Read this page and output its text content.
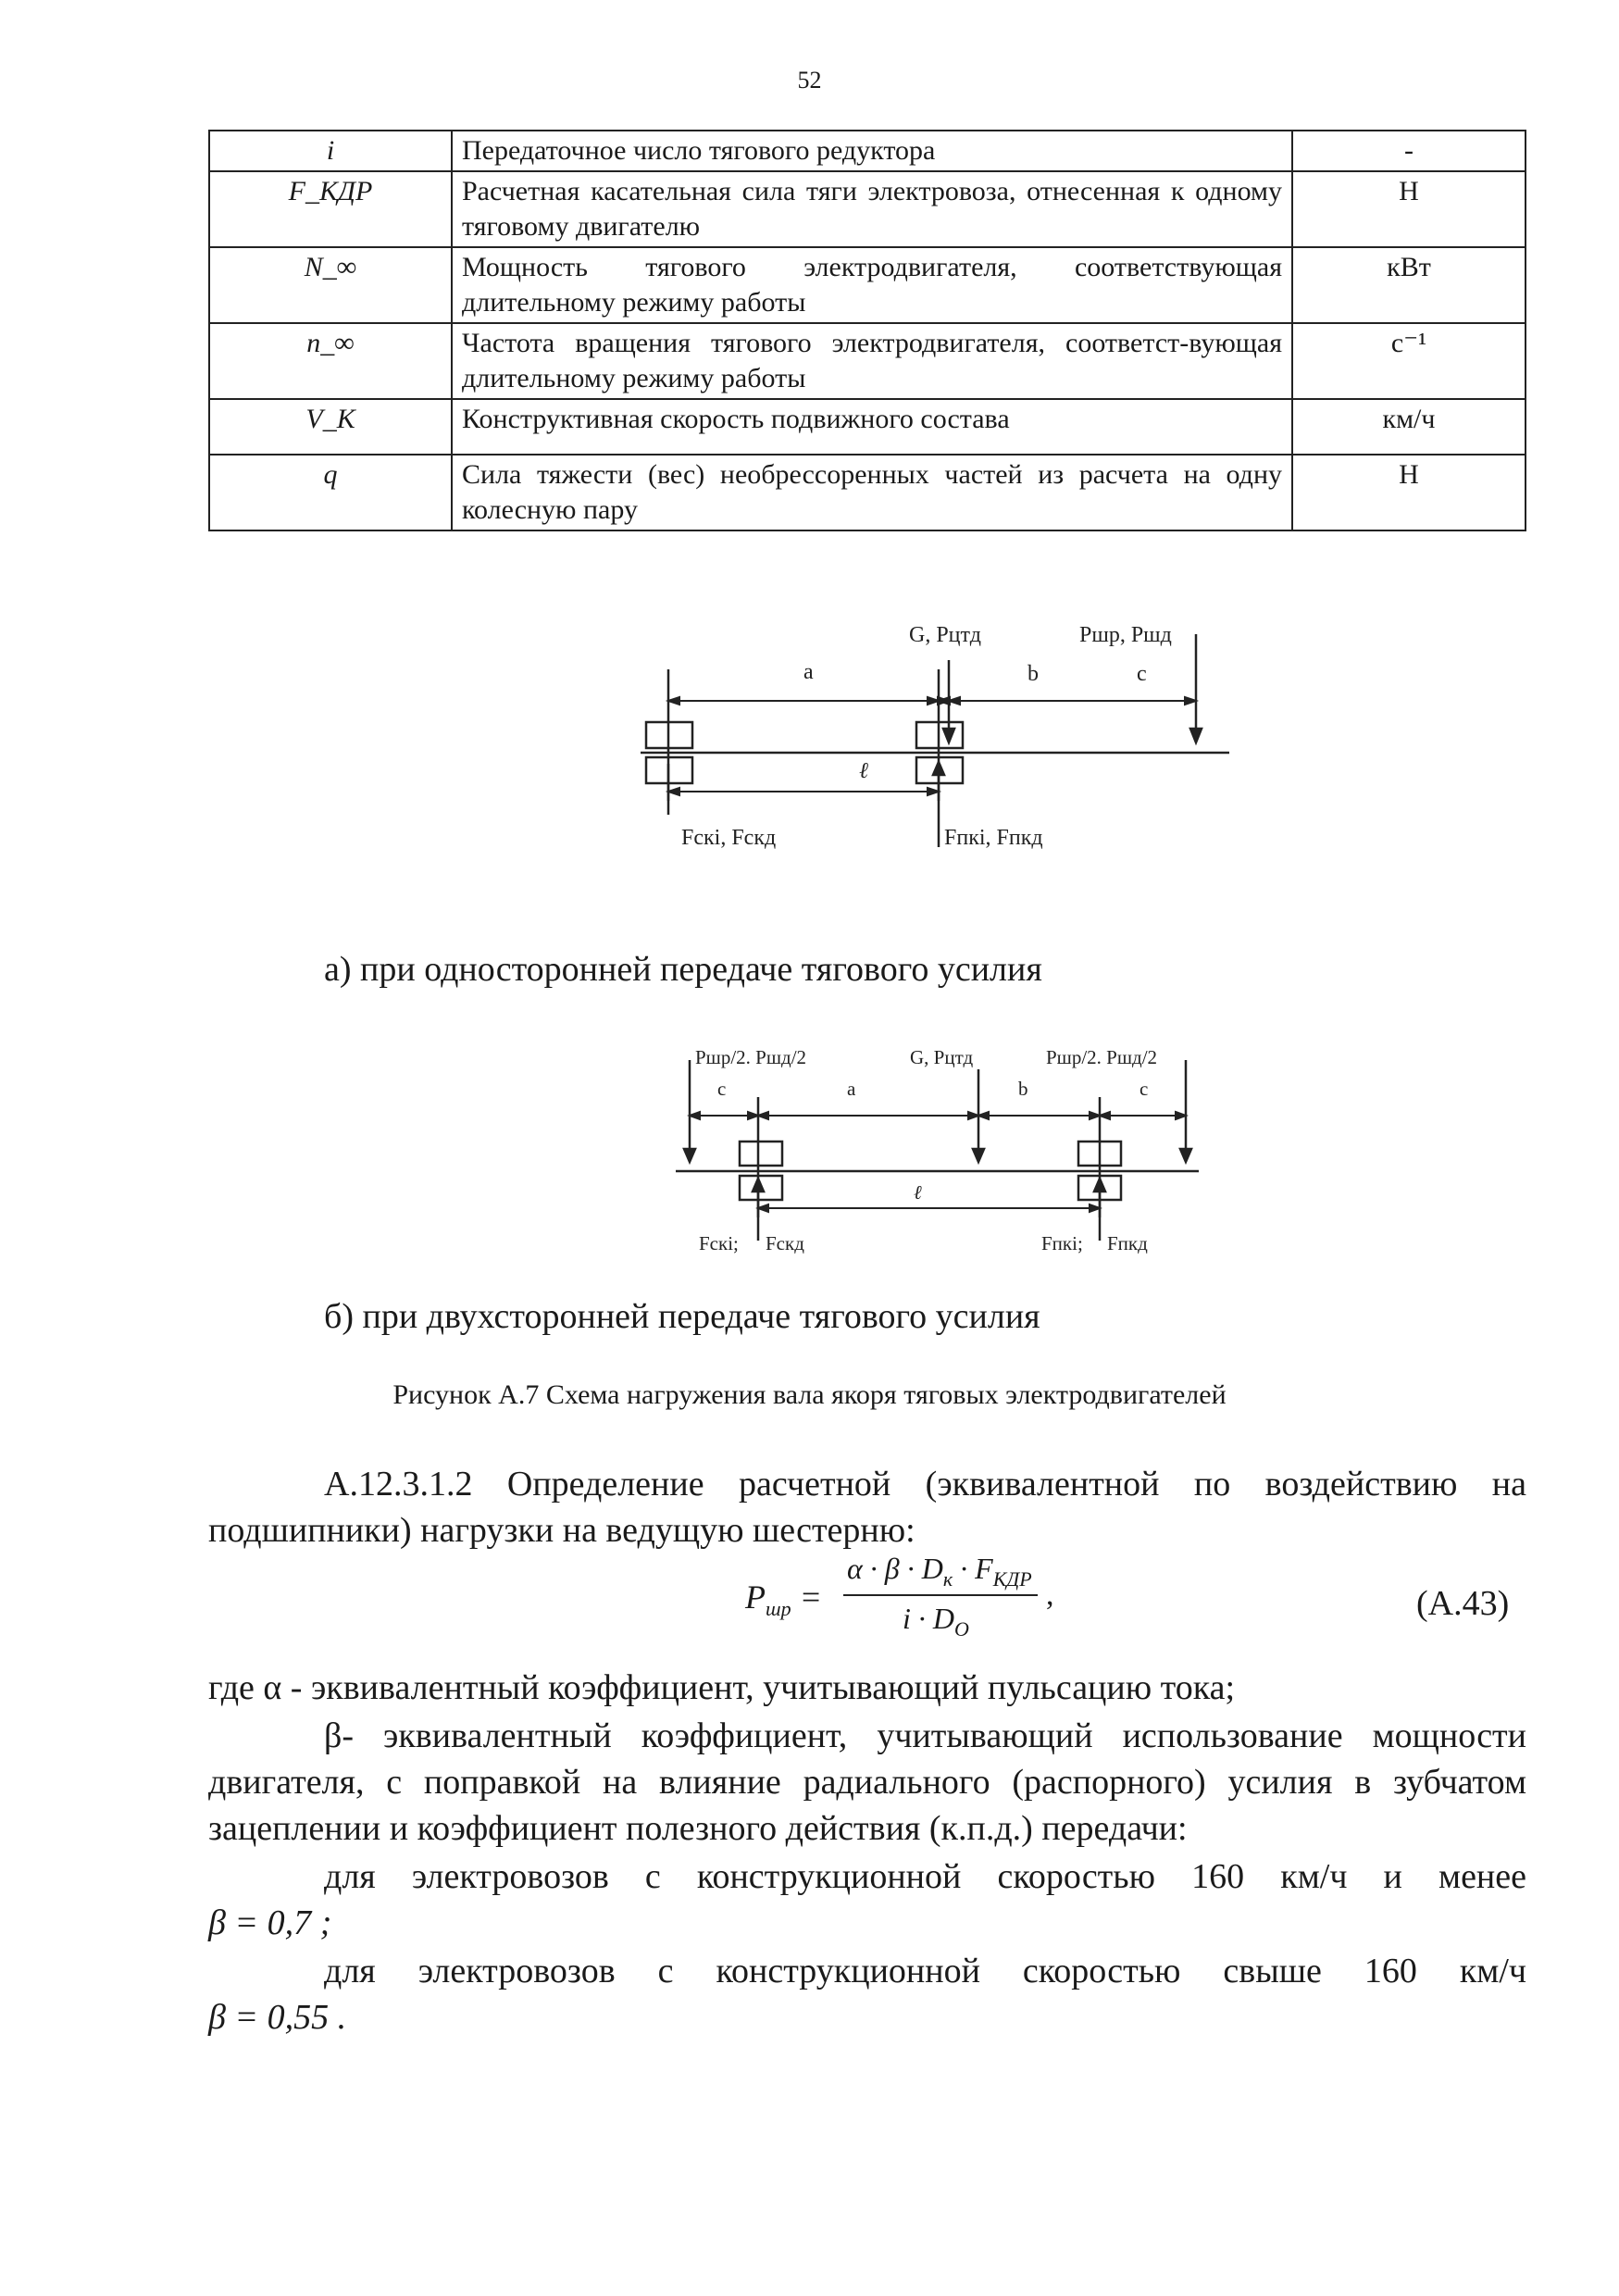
52
i	Передаточное число тягового редуктора	-
F_КДР	Расчетная касательная сила тяги электровоза, отнесенная к одному тяговому двигателю	Н
N_∞	Мощность тягового электродвигателя, соответствующая длительному режиму работы	кВт
n_∞	Частота вращения тягового электродвигателя, соответст-вующая длительному режиму работы	с⁻¹
V_К	Конструктивная скорость подвижного состава	км/ч
q	Сила тяжести (вес) необрессоренных частей из расчета на одну колесную пару	Н
G, Pцтд	Pшр, Pшд
a	b	c
ℓ
Fcкi, Fскд	Fпкi, Fпкд
а) при односторонней передаче тягового усилия
Pшр/2. Pшд/2	G, Pцтд	Pшр/2. Pшд/2
c	a	b	c
ℓ
Fcкi; Fскд	Fпкi; Fпкд
б) при двухсторонней передаче тягового усилия
Рисунок А.7 Схема нагружения вала якоря тяговых электродвигателей
А.12.3.1.2 Определение расчетной (эквивалентной по воздействию на подшипники) нагрузки на ведущую шестерню:
$P_{шр}$ =
$\alpha \cdot \beta \cdot D_к \cdot F_{КДР}$
$i \cdot D_O$
,	(А.43)
где α - эквивалентный коэффициент, учитывающий пульсацию тока;
β- эквивалентный коэффициент, учитывающий использование мощности двигателя, с поправкой на влияние радиального (распорного) усилия в зубчатом зацеплении и коэффициент полезного действия (к.п.д.) передачи:
для электровозов с конструкционной скоростью 160 км/ч и менее
β = 0,7 ;
для электровозов с конструкционной скоростью свыше 160 км/ч
β = 0,55 .
